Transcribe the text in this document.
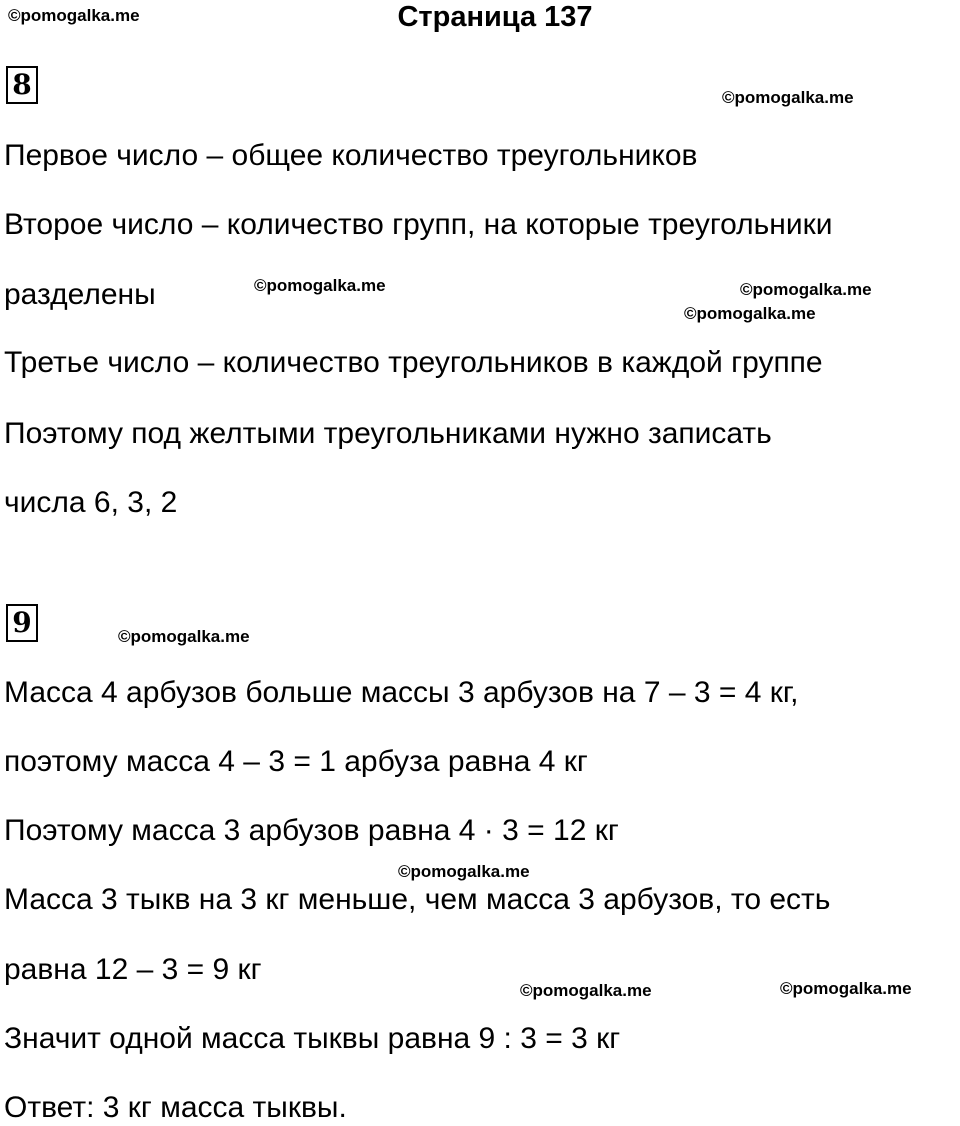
©pomogalka.me	Страница 137
8	©pomogalka.me
Первое число – общее количество треугольников
Второе число – количество групп, на которые треугольники
разделены	©pomogalka.me	©pomogalka.me
©pomogalka.me
Третье число – количество треугольников в каждой группе
Поэтому под желтыми треугольниками нужно записать
числа 6, 3, 2
9	©pomogalka.me
Масса 4 арбузов больше массы 3 арбузов на 7 – 3 = 4 кг,
поэтому масса 4 – 3 = 1 арбуза равна 4 кг
Поэтому масса 3 арбузов равна 4 · 3 = 12 кг
©pomogalka.me
Масса 3 тыкв на 3 кг меньше, чем масса 3 арбузов, то есть
равна 12 – 3 = 9 кг
©pomogalka.me	©pomogalka.me
Значит одной масса тыквы равна 9 : 3 = 3 кг
Ответ: 3 кг масса тыквы.
